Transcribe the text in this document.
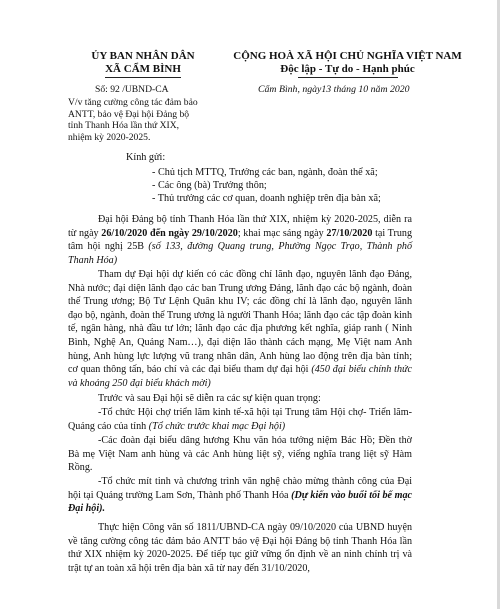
ỦY BAN NHÂN DÂN
XÃ CẨM BÌNH
CỘNG HOÀ XÃ HỘI CHỦ NGHĨA VIỆT NAM
Độc lập - Tự do - Hạnh phúc
Số: 92 /UBND-CA
V/v tăng cường công tác đảm bảo
ANTT, bảo vệ Đại hội Đảng bộ
tỉnh Thanh Hóa lần thứ XIX,
nhiệm kỳ 2020-2025.
Cẩm Bình, ngày13 tháng 10 năm 2020
Kính gửi:
- Chủ tịch MTTQ, Trưởng các ban, ngành, đoàn thể xã;
- Các ông (bà) Trưởng thôn;
- Thủ trưởng các cơ quan, doanh nghiệp trên địa bàn xã;
Đại hội Đảng bộ tỉnh Thanh Hóa lần thứ XIX, nhiệm kỳ 2020-2025, diễn ra từ ngày 26/10/2020 đến ngày 29/10/2020; khai mạc sáng ngày 27/10/2020 tại Trung tâm hội nghị 25B (số 133, đường Quang trung, Phường Ngọc Trạo, Thành phố Thanh Hóa)
Tham dự Đại hội dự kiến có các đồng chí lãnh đạo, nguyên lãnh đạo Đảng, Nhà nước; đại diện lãnh đạo các ban Trung ương Đảng, lãnh đạo các bộ ngành, đoàn thể Trung ương; Bộ Tư Lệnh Quân khu IV; các đồng chí là lãnh đạo, nguyên lãnh đạo bộ, ngành, đoàn thể Trung ương là người Thanh Hóa; lãnh đạo các tập đoàn kinh tế, ngân hàng, nhà đầu tư lớn; lãnh đạo các địa phương kết nghĩa, giáp ranh ( Ninh Bình, Nghệ An, Quảng Nam…), đại diện lão thành cách mạng, Mẹ Việt nam Anh hùng, Anh hùng lực lượng vũ trang nhân dân, Anh hùng lao động trên địa bàn tỉnh; cơ quan thông tấn, báo chí và các đại biểu tham dự đại hội (450 đại biểu chính thức và khoảng 250 đại biểu khách mời)
Trước và sau Đại hội sẽ diễn ra các sự kiện quan trọng:
-Tổ chức Hội chợ triển lãm kinh tế-xã hội tại Trung tâm Hội chợ- Triển lãm- Quảng cáo của tỉnh (Tổ chức trước khai mạc Đại hội)
-Các đoàn đại biểu dâng hương Khu văn hóa tưởng niệm Bác Hồ; Đền thờ Bà mẹ Việt Nam anh hùng và các Anh hùng liệt sỹ, viếng nghĩa trang liệt sỹ Hàm Rồng.
-Tổ chức mít tinh và chương trình văn nghệ chào mừng thành công của Đại hội tại Quảng trường Lam Sơn, Thành phố Thanh Hóa (Dự kiến vào buổi tối bế mạc Đại hội).
Thực hiện Công văn số 1811/UBND-CA ngày 09/10/2020 của UBND huyện về tăng cường công tác đảm bảo ANTT bảo vệ Đại hội Đảng bộ tỉnh Thanh Hóa lần thứ XIX nhiệm kỳ 2020-2025. Để tiếp tục giữ vững ổn định về an ninh chính trị và trật tự an toàn xã hội trên địa bàn xã từ nay đến 31/10/2020,
